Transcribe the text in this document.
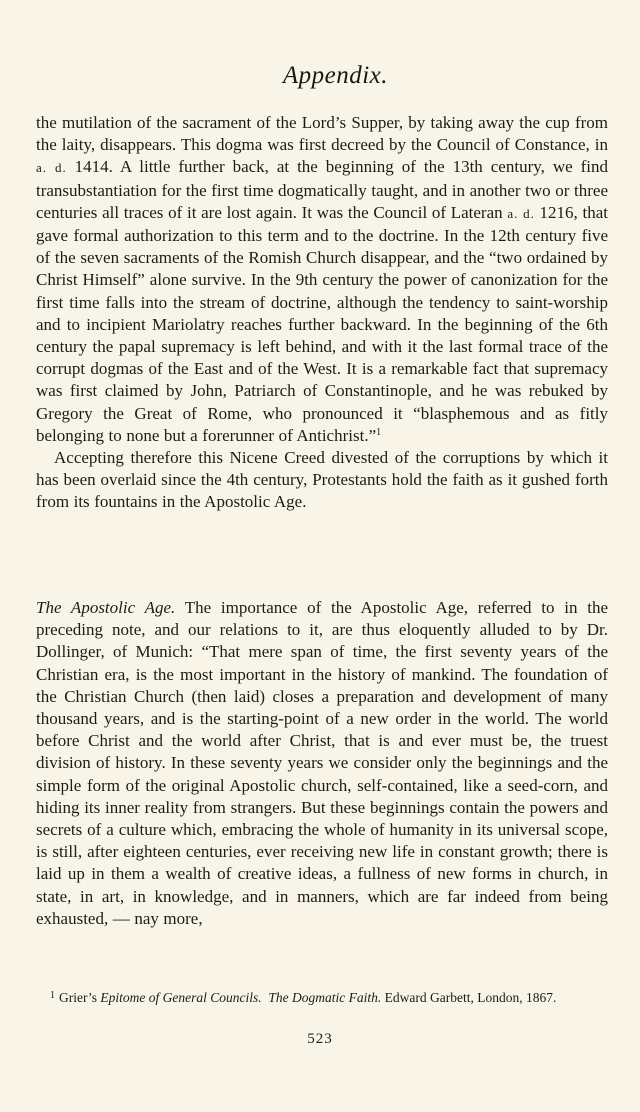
Appendix.

the mutilation of the sacrament of the Lord’s Supper, by taking away the cup from the laity, disappears. This dogma was first decreed by the Council of Constance, in a. d. 1414. A little further back, at the beginning of the 13th century, we find transubstantiation for the first time dogmatically taught, and in another two or three centuries all traces of it are lost again. It was the Council of Lateran a. d. 1216, that gave formal authorization to this term and to the doctrine. In the 12th century five of the seven sacraments of the Romish Church disappear, and the “two ordained by Christ Himself” alone survive. In the 9th century the power of canonization for the first time falls into the stream of doctrine, although the tendency to saint-worship and to incipient Mariolatry reaches further backward. In the beginning of the 6th century the papal supremacy is left behind, and with it the last formal trace of the corrupt dogmas of the East and of the West. It is a remarkable fact that supremacy was first claimed by John, Patriarch of Constantinople, and he was rebuked by Gregory the Great of Rome, who pronounced it “blasphemous and as fitly belonging to none but a forerunner of Antichrist.”$^1$

Accepting therefore this Nicene Creed divested of the corruptions by which it has been overlaid since the 4th century, Protestants hold the faith as it gushed forth from its fountains in the Apostolic Age.

The Apostolic Age. The importance of the Apostolic Age, referred to in the preceding note, and our relations to it, are thus eloquently alluded to by Dr. Dollinger, of Munich: “That mere span of time, the first seventy years of the Christian era, is the most important in the history of mankind. The foundation of the Christian Church (then laid) closes a preparation and development of many thousand years, and is the starting-point of a new order in the world. The world before Christ and the world after Christ, that is and ever must be, the truest division of history. In these seventy years we consider only the beginnings and the simple form of the original Apostolic church, self-contained, like a seed-corn, and hiding its inner reality from strangers. But these beginnings contain the powers and secrets of a culture which, embracing the whole of humanity in its universal scope, is still, after eighteen centuries, ever receiving new life in constant growth; there is laid up in them a wealth of creative ideas, a fullness of new forms in church, in state, in art, in knowledge, and in manners, which are far indeed from being exhausted, — nay more,

$^1$ Grier’s Epitome of General Councils. The Dogmatic Faith. Edward Garbett, London, 1867.

523
